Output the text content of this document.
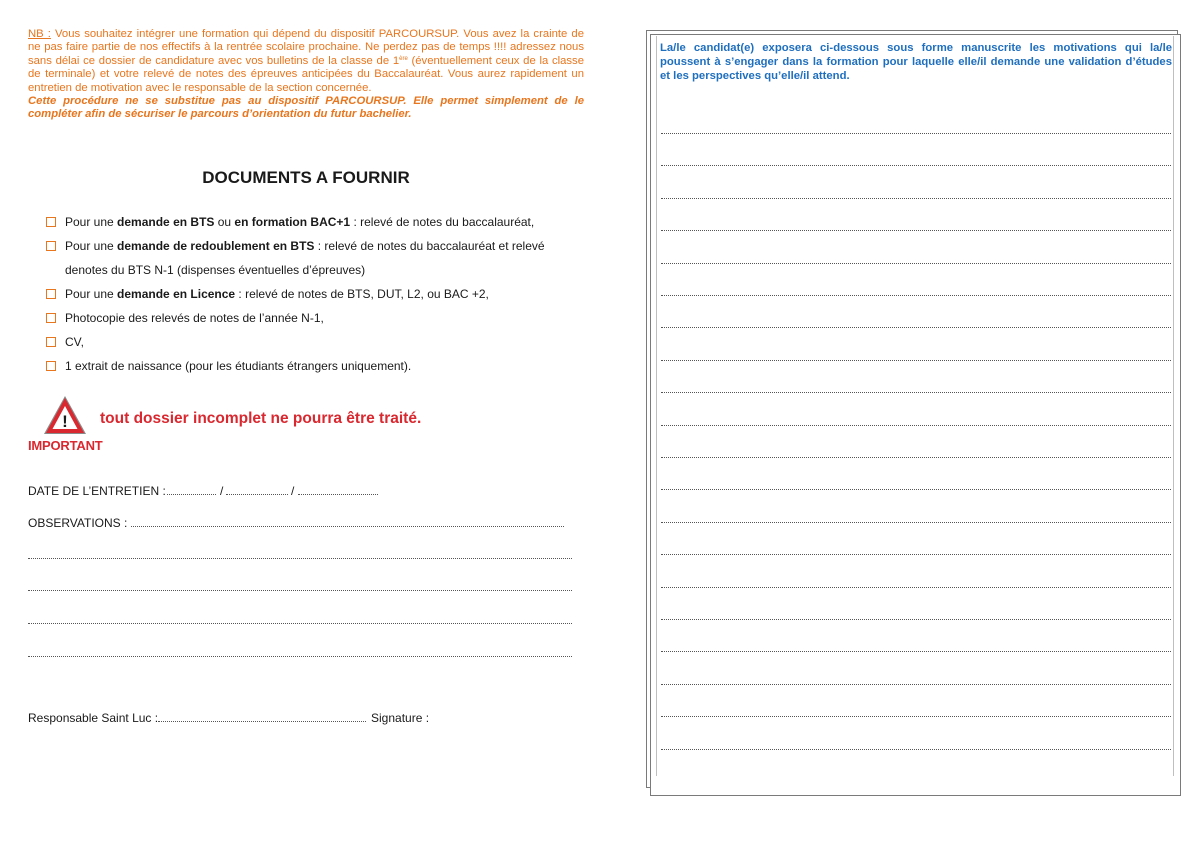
NB : Vous souhaitez intégrer une formation qui dépend du dispositif PARCOURSUP. Vous avez la crainte de ne pas faire partie de nos effectifs à la rentrée scolaire prochaine. Ne perdez pas de temps !!!! adressez nous sans délai ce dossier de candidature avec vos bulletins de la classe de 1ère (éventuellement ceux de la classe de terminale) et votre relevé de notes des épreuves anticipées du Baccalauréat. Vous aurez rapidement un entretien de motivation avec le responsable de la section concernée.

Cette procédure ne se substitue pas au dispositif PARCOURSUP. Elle permet simplement de le compléter afin de sécuriser le parcours d’orientation du futur bachelier.

DOCUMENTS A FOURNIR
Pour une demande en BTS ou en formation BAC+1 : relevé de notes du baccalauréat,
Pour une demande de redoublement en BTS : relevé de notes du baccalauréat et relevé denotes du BTS N-1 (dispenses éventuelles d’épreuves)
Pour une demande en Licence : relevé de notes de BTS, DUT, L2, ou BAC +2,
Photocopie des relevés de notes de l’année N-1,
CV,
1 extrait de naissance (pour les étudiants étrangers uniquement).
!
IMPORTANT
tout dossier incomplet ne pourra être traité.
DATE DE L’ENTRETIEN :	/	/
OBSERVATIONS :
Responsable Saint Luc :	Signature :

La/le candidat(e) exposera ci-dessous sous forme manuscrite les motivations qui la/le poussent à s’engager dans la formation pour laquelle elle/il demande une validation d’études et les perspectives qu’elle/il attend.
